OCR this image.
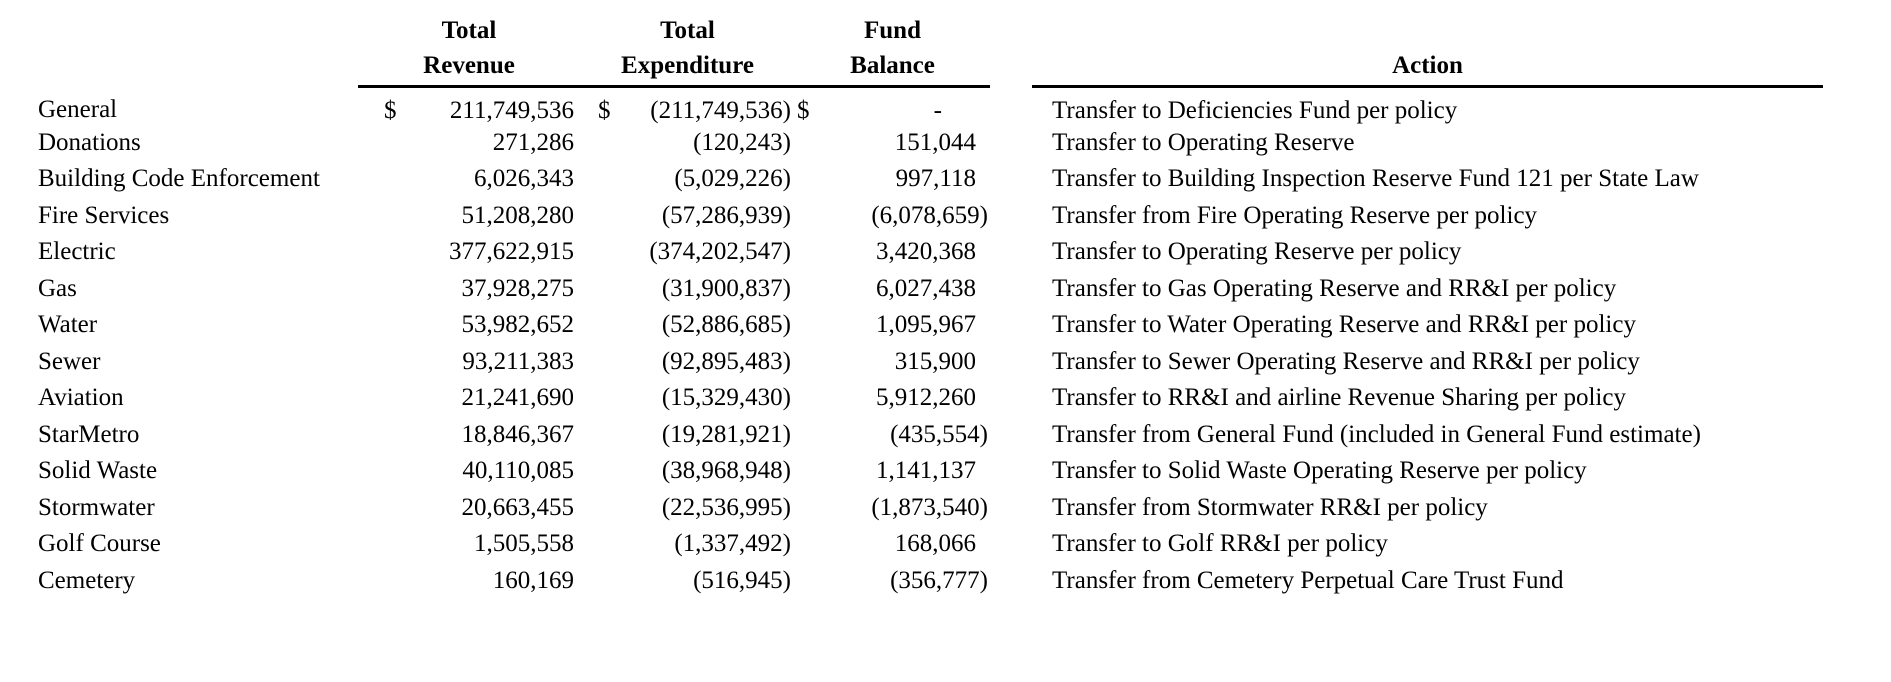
	Total	Total	Fund		
	Revenue	Expenditure	Balance		Action
General	$ 211,749,536	$ (211,749,536)	$ -		Transfer to Deficiencies Fund per policy
Donations	271,286	(120,243)	151,044		Transfer to Operating Reserve
Building Code Enforcement	6,026,343	(5,029,226)	997,118		Transfer to Building Inspection Reserve Fund 121 per State Law
Fire Services	51,208,280	(57,286,939)	(6,078,659)		Transfer from Fire Operating Reserve per policy
Electric	377,622,915	(374,202,547)	3,420,368		Transfer to Operating Reserve per policy
Gas	37,928,275	(31,900,837)	6,027,438		Transfer to Gas Operating Reserve and RR&I per policy
Water	53,982,652	(52,886,685)	1,095,967		Transfer to Water Operating Reserve and RR&I per policy
Sewer	93,211,383	(92,895,483)	315,900		Transfer to Sewer Operating Reserve and RR&I per policy
Aviation	21,241,690	(15,329,430)	5,912,260		Transfer to RR&I and airline Revenue Sharing per policy
StarMetro	18,846,367	(19,281,921)	(435,554)		Transfer from General Fund (included in General Fund estimate)
Solid Waste	40,110,085	(38,968,948)	1,141,137		Transfer to Solid Waste Operating Reserve per policy
Stormwater	20,663,455	(22,536,995)	(1,873,540)		Transfer from Stormwater RR&I per policy
Golf Course	1,505,558	(1,337,492)	168,066		Transfer to Golf RR&I per policy
Cemetery	160,169	(516,945)	(356,777)		Transfer from Cemetery Perpetual Care Trust Fund
